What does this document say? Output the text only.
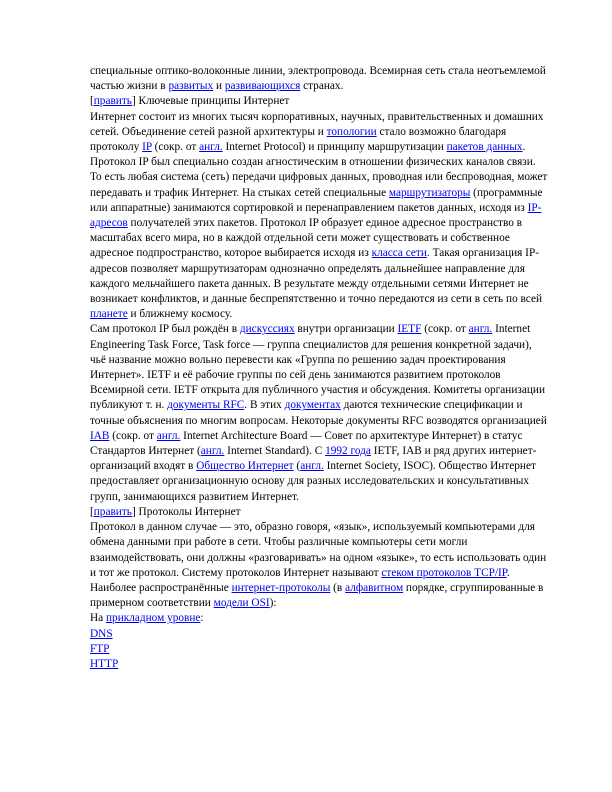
специальные оптико-волоконные линии, электропровода. Всемирная сеть стала неотъемлемой частью жизни в развитых и развивающихся странах.

[править] Ключевые принципы Интернет

Интернет состоит из многих тысяч корпоративных, научных, правительственных и домашних сетей. Объединение сетей разной архитектуры и топологии стало возможно благодаря протоколу IP (сокр. от англ. Internet Protocol) и принципу маршрутизации пакетов данных. Протокол IP был специально создан агностическим в отношении физических каналов связи. То есть любая система (сеть) передачи цифровых данных, проводная или беспроводная, может передавать и трафик Интернет. На стыках сетей специальные маршрутизаторы (программные или аппаратные) занимаются сортировкой и перенаправлением пакетов данных, исходя из IP-адресов получателей этих пакетов. Протокол IP образует единое адресное пространство в масштабах всего мира, но в каждой отдельной сети может существовать и собственное адресное подпространство, которое выбирается исходя из класса сети. Такая организация IP-адресов позволяет маршрутизаторам однозначно определять дальнейшее направление для каждого мельчайшего пакета данных. В результате между отдельными сетями Интернет не возникает конфликтов, и данные беспрепятственно и точно передаются из сети в сеть по всей планете и ближнему космосу.

Сам протокол IP был рождён в дискуссиях внутри организации IETF (сокр. от англ. Internet Engineering Task Force, Task force — группа специалистов для решения конкретной задачи), чьё название можно вольно перевести как «Группа по решению задач проектирования Интернет». IETF и её рабочие группы по сей день занимаются развитием протоколов Всемирной сети. IETF открыта для публичного участия и обсуждения. Комитеты организации публикуют т. н. документы RFC. В этих документах даются технические спецификации и точные объяснения по многим вопросам. Некоторые документы RFC возводятся организацией IAB (сокр. от англ. Internet Architecture Board — Совет по архитектуре Интернет) в статус Стандартов Интернет (англ. Internet Standard). С 1992 года IETF, IAB и ряд других интернет-организаций входят в Общество Интернет (англ. Internet Society, ISOC). Общество Интернет предоставляет организационную основу для разных исследовательских и консультативных групп, занимающихся развитием Интернет.

[править] Протоколы Интернет

Протокол в данном случае — это, образно говоря, «язык», используемый компьютерами для обмена данными при работе в сети. Чтобы различные компьютеры сети могли взаимодействовать, они должны «разговаривать» на одном «языке», то есть использовать один и тот же протокол. Систему протоколов Интернет называют стеком протоколов TCP/IP.

Наиболее распространённые интернет-протоколы (в алфавитном порядке, сгруппированные в примерном соответствии модели OSI):

На прикладном уровне:

DNS

FTP

HTTP
